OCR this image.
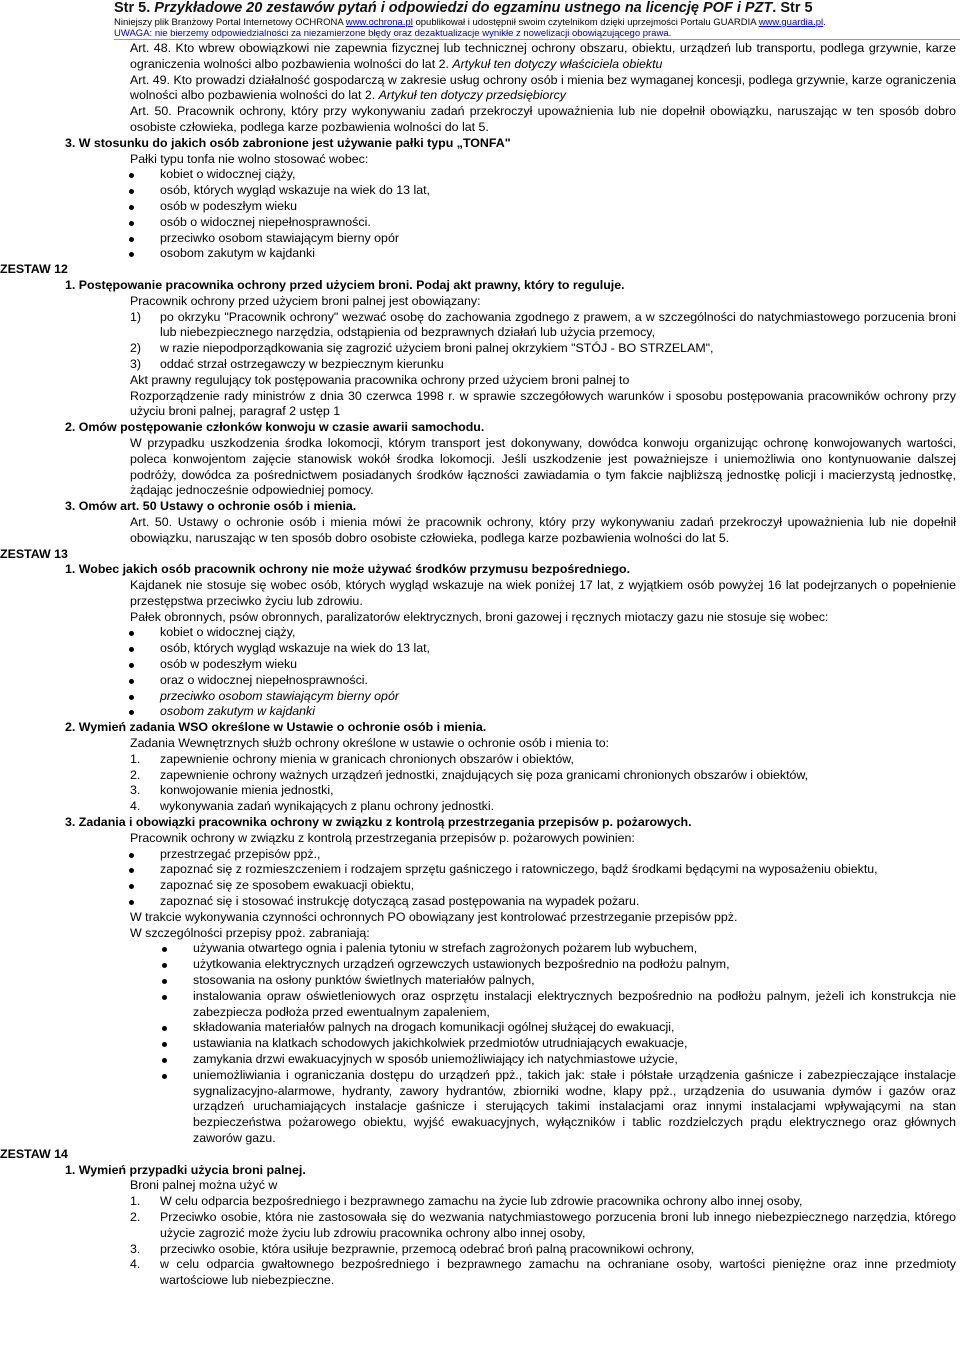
Str 5. Przykładowe 20 zestawów pytań i odpowiedzi do egzaminu ustnego na licencję POF i PZT. Str 5
Niniejszy plik Branżowy Portal Internetowy OCHRONA www.ochrona.pl opublikował i udostępnił swoim czytelnikom dzięki uprzejmości Portalu GUARDIA www.guardia.pl.
UWAGA: nie bierzemy odpowiedzialności za niezamierzone błędy oraz dezaktualizacje wynikłe z nowelizacji obowiązującego prawa.
Art. 48. Kto wbrew obowiązkowi nie zapewnia fizycznej lub technicznej ochrony obszaru, obiektu, urządzeń lub transportu, podlega grzywnie, karze ograniczenia wolności albo pozbawienia wolności do lat 2. Artykuł ten dotyczy właściciela obiektu
Art. 49. Kto prowadzi działalność gospodarczą w zakresie usług ochrony osób i mienia bez wymaganej koncesji, podlega grzywnie, karze ograniczenia wolności albo pozbawienia wolności do lat 2. Artykuł ten dotyczy przedsiębiorcy
Art. 50. Pracownik ochrony, który przy wykonywaniu zadań przekroczył upoważnienia lub nie dopełnił obowiązku, naruszając w ten sposób dobro osobiste człowieka, podlega karze pozbawienia wolności do lat 5.
3. W stosunku do jakich osób zabronione jest używanie pałki typu „TONFA"
Pałki typu tonfa nie wolno stosować wobec:
kobiet o widocznej ciąży,
osób, których wygląd wskazuje na wiek do 13 lat,
osób w podeszłym wieku
osób o widocznej niepełnosprawności.
przeciwko osobom stawiającym bierny opór
osobom zakutym w kajdanki
ZESTAW 12
1. Postępowanie pracownika ochrony przed użyciem broni. Podaj akt prawny, który to reguluje.
Pracownik ochrony przed użyciem broni palnej jest obowiązany:
1) po okrzyku "Pracownik ochrony" wezwać osobę do zachowania zgodnego z prawem, a w szczególności do natychmiastowego porzucenia broni lub niebezpiecznego narzędzia, odstąpienia od bezprawnych działań lub użycia przemocy,
2) w razie niepodporządkowania się zagrozić użyciem broni palnej okrzykiem "STÓJ - BO STRZELAM",
3) oddać strzał ostrzegawczy w bezpiecznym kierunku
Akt prawny regulujący tok postępowania pracownika ochrony przed użyciem broni palnej to
Rozporządzenie rady ministrów z dnia 30 czerwca 1998 r. w sprawie szczegółowych warunków i sposobu postępowania pracowników ochrony przy użyciu broni palnej, paragraf 2 ustęp 1
2. Omów postępowanie członków konwoju w czasie awarii samochodu.
W przypadku uszkodzenia środka lokomocji, którym transport jest dokonywany, dowódca konwoju organizując ochronę konwojowanych wartości, poleca konwojentom zajęcie stanowisk wokół środka lokomocji. Jeśli uszkodzenie jest poważniejsze i uniemożliwia ono kontynuowanie dalszej podróży, dowódca za pośrednictwem posiadanych środków łączności zawiadamia o tym fakcie najbliższą jednostkę policji i macierzystą jednostkę, żądając jednocześnie odpowiedniej pomocy.
3. Omów art. 50 Ustawy o ochronie osób i mienia.
Art. 50. Ustawy o ochronie osób i mienia mówi że pracownik ochrony, który przy wykonywaniu zadań przekroczył upoważnienia lub nie dopełnił obowiązku, naruszając w ten sposób dobro osobiste człowieka, podlega karze pozbawienia wolności do lat 5.
ZESTAW 13
1. Wobec jakich osób pracownik ochrony nie może używać środków przymusu bezpośredniego.
Kajdanek nie stosuje się wobec osób, których wygląd wskazuje na wiek poniżej 17 lat, z wyjątkiem osób powyżej 16 lat podejrzanych o popełnienie przestępstwa przeciwko życiu lub zdrowiu.
Pałek obronnych, psów obronnych, paralizatorów elektrycznych, broni gazowej i ręcznych miotaczy gazu nie stosuje się wobec:
kobiet o widocznej ciąży,
osób, których wygląd wskazuje na wiek do 13 lat,
osób w podeszłym wieku
oraz o widocznej niepełnosprawności.
przeciwko osobom stawiającym bierny opór
osobom zakutym w kajdanki
2. Wymień zadania WSO określone w Ustawie o ochronie osób i mienia.
Zadania Wewnętrznych służb ochrony określone w ustawie o ochronie osób i mienia to:
1. zapewnienie ochrony mienia w granicach chronionych obszarów i obiektów,
2. zapewnienie ochrony ważnych urządzeń jednostki, znajdujących się poza granicami chronionych obszarów i obiektów,
3. konwojowanie mienia jednostki,
4. wykonywania zadań wynikających z planu ochrony jednostki.
3. Zadania i obowiązki pracownika ochrony w związku z kontrolą przestrzegania przepisów p. pożarowych.
Pracownik ochrony w związku z kontrolą przestrzegania przepisów p. pożarowych powinien:
przestrzegać przepisów ppż.,
zapoznać się z rozmieszczeniem i rodzajem sprzętu gaśniczego i ratowniczego, bądź środkami będącymi na wyposażeniu obiektu,
zapoznać się ze sposobem ewakuacji obiektu,
zapoznać się i stosować instrukcję dotyczącą zasad postępowania na wypadek pożaru.
W trakcie wykonywania czynności ochronnych PO obowiązany jest kontrolować przestrzeganie przepisów ppż.
W szczególności przepisy ppoż. zabraniają:
używania otwartego ognia i palenia tytoniu w strefach zagrożonych pożarem lub wybuchem,
użytkowania elektrycznych urządzeń ogrzewczych ustawionych bezpośrednio na podłożu palnym,
stosowania na osłony punktów świetlnych materiałów palnych,
instalowania opraw oświetleniowych oraz osprzętu instalacji elektrycznych bezpośrednio na podłożu palnym, jeżeli ich konstrukcja nie zabezpiecza podłoża przed ewentualnym zapaleniem,
składowania materiałów palnych na drogach komunikacji ogólnej służącej do ewakuacji,
ustawiania na klatkach schodowych jakichkolwiek przedmiotów utrudniających ewakuacje,
zamykania drzwi ewakuacyjnych w sposób uniemożliwiający ich natychmiastowe użycie,
uniemożliwiania i ograniczania dostępu do urządzeń ppż., takich jak: stałe i półstałe urządzenia gaśnicze i zabezpieczające instalacje sygnalizacyjno-alarmowe, hydranty, zawory hydrantów, zbiorniki wodne, klapy ppż., urządzenia do usuwania dymów i gazów oraz urządzeń uruchamiających instalacje gaśnicze i sterujących takimi instalacjami oraz innymi instalacjami wpływającymi na stan bezpieczeństwa pożarowego obiektu, wyjść ewakuacyjnych, wyłączników i tablic rozdzielczych prądu elektrycznego oraz głównych zaworów gazu.
ZESTAW 14
1. Wymień przypadki użycia broni palnej.
Broni palnej można użyć w
1. W celu odparcia bezpośredniego i bezprawnego zamachu na życie lub zdrowie pracownika ochrony albo innej osoby,
2. Przeciwko osobie, która nie zastosowała się do wezwania natychmiastowego porzucenia broni lub innego niebezpiecznego narzędzia, którego użycie zagrozić może życiu lub zdrowiu pracownika ochrony albo innej osoby,
3. przeciwko osobie, która usiłuje bezprawnie, przemocą odebrać broń palną pracownikowi ochrony,
4. w celu odparcia gwałtownego bezpośredniego i bezprawnego zamachu na ochraniane osoby, wartości pieniężne oraz inne przedmioty wartościowe lub niebezpieczne.
